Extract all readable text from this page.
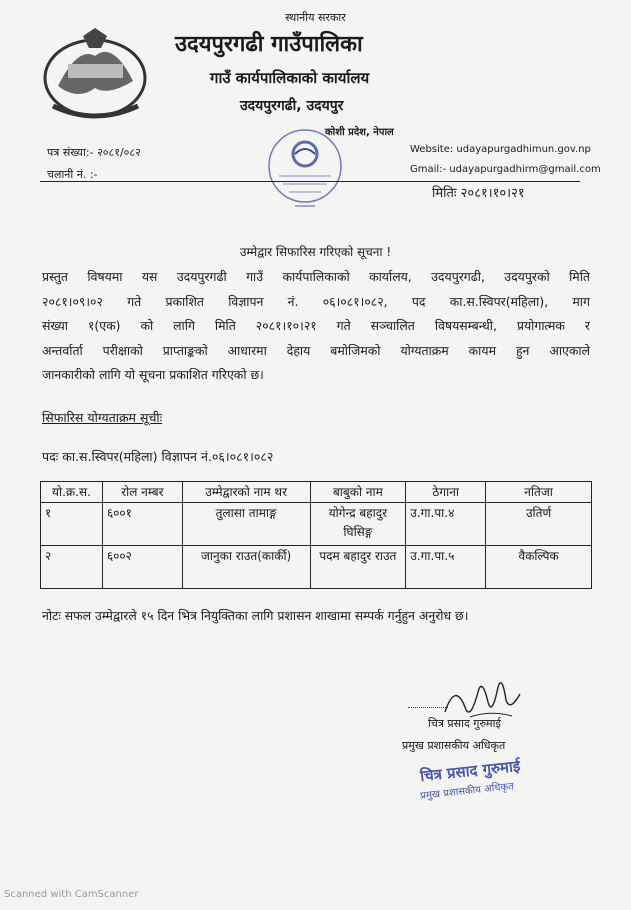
स्थानीय सरकार
उदयपुरगढी गाउँपालिका
गाउँ कार्यपालिकाको कार्यालय
उदयपुरगढी, उदयपुर
कोशी प्रदेश, नेपाल
पत्र संख्या:- २०८१/०८२
चलानी नं. :-
Website: udayapurgadhimun.gov.np
Gmail:- udayapurgadhirm@gmail.com
मितिः २०८१।१०।२१
उम्मेद्वार सिफारिस गरिएको सूचना !
प्रस्तुत विषयमा यस उदयपुरगढी गाउँ कार्यपालिकाको कार्यालय, उदयपुरगढी, उदयपुरको मिति
२०८१।०९।०२ गते प्रकाशित विज्ञापन नं. ०६।०८१।०८२, पद का.स.स्विपर(महिला), माग
संख्या १(एक) को लागि मिति २०८१।१०।२१ गते सञ्चालित विषयसम्बन्धी, प्रयोगात्मक र
अन्तर्वार्ता परीक्षाको प्राप्ताङ्कको आधारमा देहाय बमोजिमको योग्यताक्रम कायम हुन आएकाले
जानकारीको लागि यो सूचना प्रकाशित गरिएको छ।
सिफारिस योग्यताक्रम सूचीः
पदः का.स.स्विपर(महिला) विज्ञापन नं.०६।०८१।०८२
यो.क्र.स.	रोल नम्बर	उम्मेद्वारको नाम थर	बाबुको नाम	ठेगाना	नतिजा
१	६००१	तुलासा तामाङ्ग	योगेन्द्र बहादुर घिसिङ्ग	उ.गा.पा.४	उतिर्ण
२	६००२	जानुका राउत(कार्की)	पदम बहादुर राउत	उ.गा.पा.५	वैकल्पिक
नोटः सफल उम्मेद्वारले १५ दिन भित्र नियुक्तिका लागि प्रशासन शाखामा सम्पर्क गर्नुहुन अनुरोध छ।
चित्र प्रसाद गुरुमाई
प्रमुख प्रशासकीय अधिकृत
चित्र प्रसाद गुरुमाई
प्रमुख प्रशासकीय अधिकृत
Scanned with CamScanner
